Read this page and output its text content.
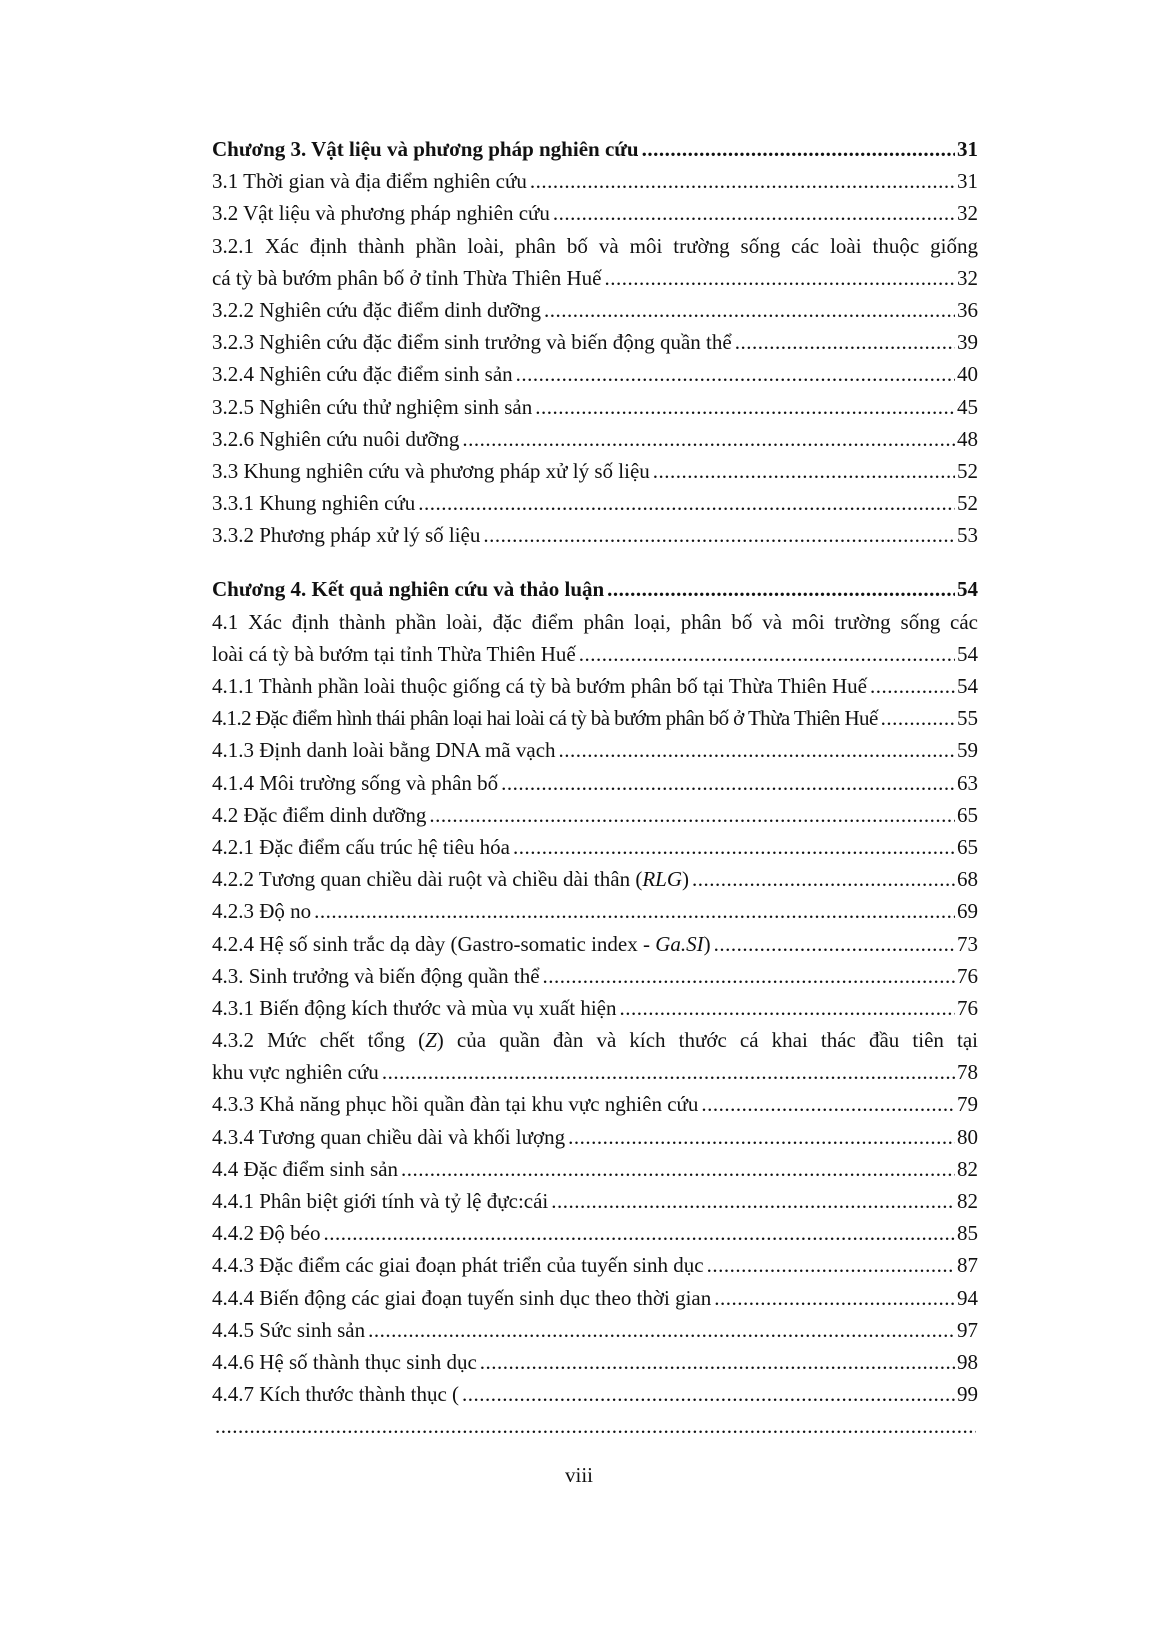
Chương 3. Vật liệu và phương pháp nghiên cứu .....	31
3.1 Thời gian và địa điểm nghiên cứu .....	31
3.2 Vật liệu và phương pháp nghiên cứu .....	32
3.2.1 Xác định thành phần loài, phân bố và môi trường sống các loài thuộc giống
cá tỳ bà bướm phân bố ở tỉnh Thừa Thiên Huế .....	32
3.2.2 Nghiên cứu đặc điểm dinh dưỡng .....	36
3.2.3 Nghiên cứu đặc điểm sinh trưởng và biến động quần thể .....	39
3.2.4 Nghiên cứu đặc điểm sinh sản .....	40
3.2.5 Nghiên cứu thử nghiệm sinh sản .....	45
3.2.6 Nghiên cứu nuôi dưỡng .....	48
3.3 Khung nghiên cứu và phương pháp xử lý số liệu .....	52
3.3.1 Khung nghiên cứu .....	52
3.3.2 Phương pháp xử lý số liệu .....	53
Chương 4. Kết quả nghiên cứu và thảo luận .....	54
4.1 Xác định thành phần loài, đặc điểm phân loại, phân bố và môi trường sống các
loài cá tỳ bà bướm tại tỉnh Thừa Thiên Huế .....	54
4.1.1 Thành phần loài thuộc giống cá tỳ bà bướm phân bố tại Thừa Thiên Huế .....	54
4.1.2 Đặc điểm hình thái phân loại hai loài cá tỳ bà bướm phân bố ở Thừa Thiên Huế .....	55
4.1.3 Định danh loài bằng DNA mã vạch .....	59
4.1.4 Môi trường sống và phân bố .....	63
4.2 Đặc điểm dinh dưỡng .....	65
4.2.1 Đặc điểm cấu trúc hệ tiêu hóa .....	65
4.2.2 Tương quan chiều dài ruột và chiều dài thân (RLG) .....	68
4.2.3 Độ no .....	69
4.2.4 Hệ số sinh trắc dạ dày (Gastro-somatic index - Ga.SI) .....	73
4.3. Sinh trưởng và biến động quần thể .....	76
4.3.1 Biến động kích thước và mùa vụ xuất hiện .....	76
4.3.2 Mức chết tổng (Z) của quần đàn và kích thước cá khai thác đầu tiên tại
khu vực nghiên cứu .....	78
4.3.3 Khả năng phục hồi quần đàn tại khu vực nghiên cứu .....	79
4.3.4 Tương quan chiều dài và khối lượng .....	80
4.4 Đặc điểm sinh sản .....	82
4.4.1 Phân biệt giới tính và tỷ lệ đực:cái .....	82
4.4.2 Độ béo .....	85
4.4.3 Đặc điểm các giai đoạn phát triển của tuyến sinh dục .....	87
4.4.4 Biến động các giai đoạn tuyến sinh dục theo thời gian .....	94
4.4.5 Sức sinh sản .....	97
4.4.6 Hệ số thành thục sinh dục .....	98
4.4.7 Kích thước thành thục ( .....	99
.....
viii
